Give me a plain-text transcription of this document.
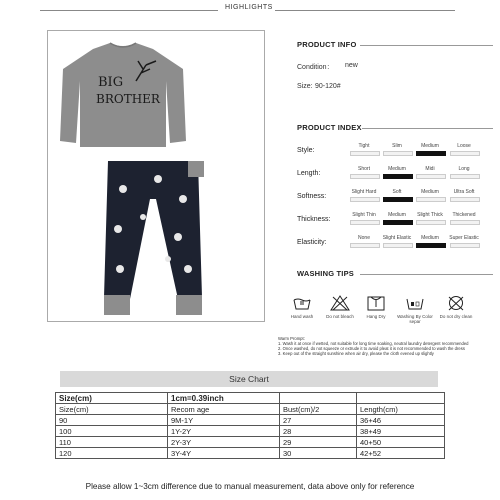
HIGHLIGHTS
BIG
BROTHER
PRODUCT INFO
Condition： new
Size: 90-120#
PRODUCT INDEX
Style:
Tight	Slim	Medium	Loose
Length:
Short	Medium	Midi	Long
Softness:
Slight Hard	Soft	Medium	Ultra Soft
Thickness:
Slight Thin	Medium	Slight Thick	Thickened
Elasticity:
None	Slight Elastic	Medium	Super Elastic
WASHING TIPS
Hand wash	Do not bleach	Hang Dry	Washing By Color separ
Do not dry clean
Warm Prompt:
1. Wash it at once if wetted, not suitable for long time soaking, neutral laundry detergent recommended
2. Once washed, do not squeeze or extrude it to avoid pleat it is not recommended to wash the dress
3. Keep out of the straight sunshine when air dry, please the cloth evened up slightly
Size Chart
Size(cm)	1cm=0.39inch		
Size(cm)	Recom age	Bust(cm)/2	Length(cm)
90	9M-1Y	27	36+46
100	1Y-2Y	28	38+49
110	2Y-3Y	29	40+50
120	3Y-4Y	30	42+52
Please allow 1~3cm difference due to manual measurement, data above only for reference
